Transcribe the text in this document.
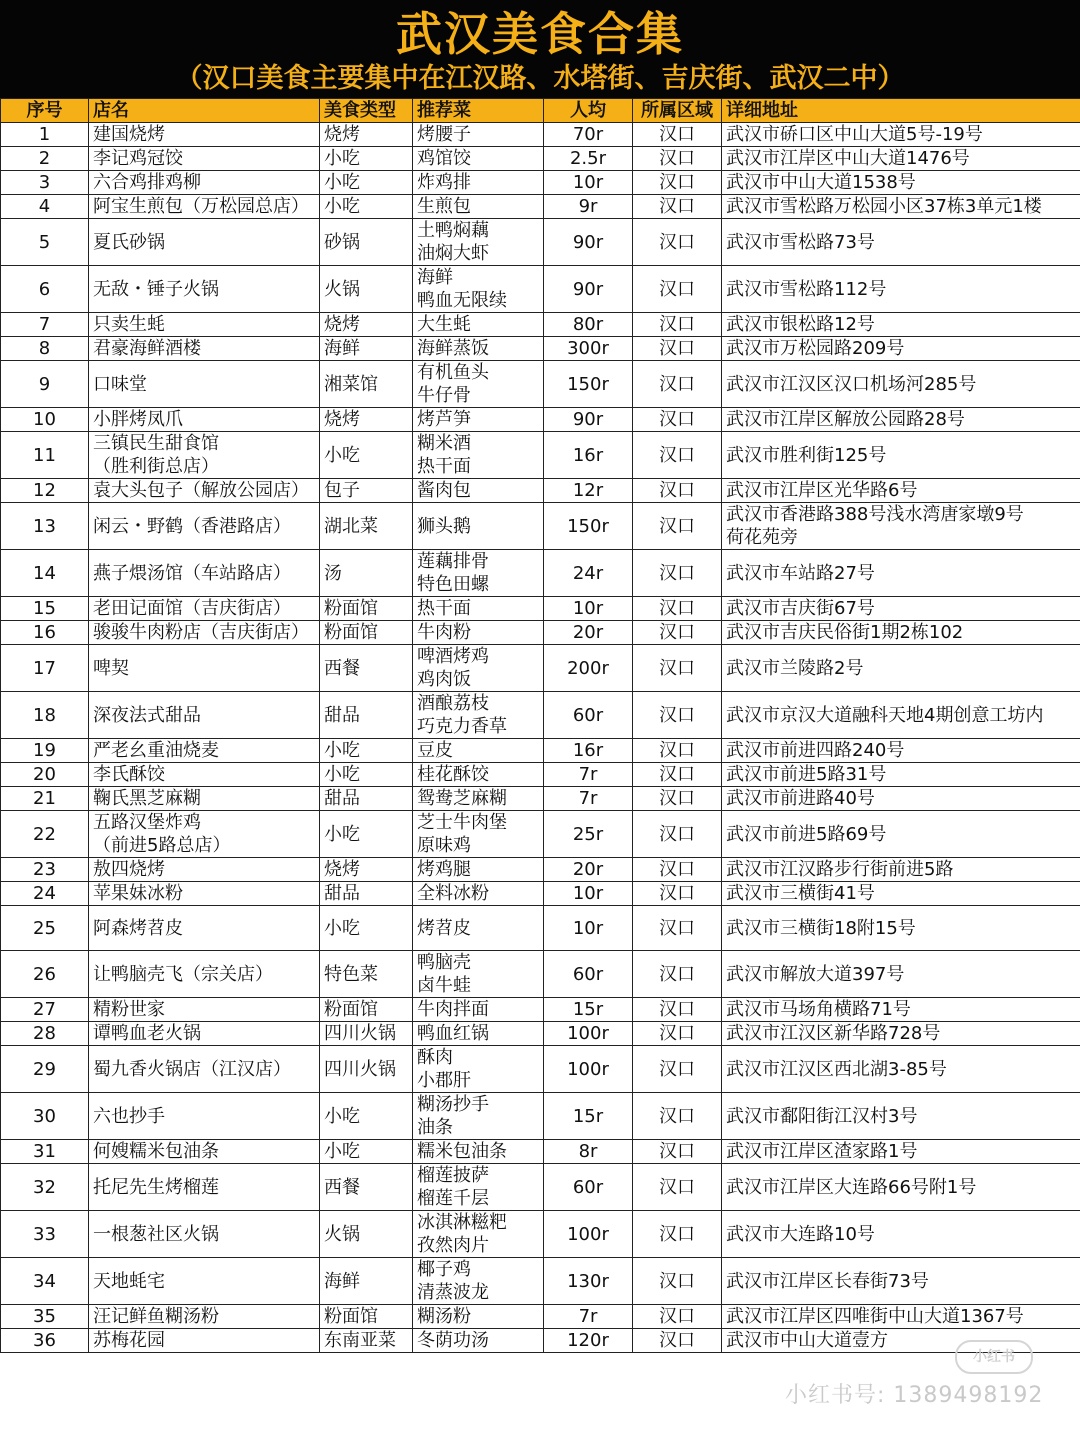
武汉美食合集
（汉口美食主要集中在江汉路、水塔街、吉庆街、武汉二中）
序号	店名	美食类型	推荐菜	人均	所属区域	详细地址
1	建国烧烤	烧烤	烤腰子	70r	汉口	武汉市硚口区中山大道5号-19号

2	李记鸡冠饺	小吃	鸡馆饺	2.5r	汉口	武汉市江岸区中山大道1476号

3	六合鸡排鸡柳	小吃	炸鸡排	10r	汉口	武汉市中山大道1538号

4	阿宝生煎包（万松园总店）	小吃	生煎包	9r	汉口	武汉市雪松路万松园小区37栋3单元1楼

5	夏氏砂锅	砂锅	土鸭焖藕
油焖大虾	90r	汉口	武汉市雪松路73号

6	无敌・锤子火锅	火锅	海鲜
鸭血无限续	90r	汉口	武汉市雪松路112号

7	只卖生蚝	烧烤	大生蚝	80r	汉口	武汉市银松路12号

8	君豪海鲜酒楼	海鲜	海鲜蒸饭	300r	汉口	武汉市万松园路209号

9	口味堂	湘菜馆	有机鱼头
牛仔骨	150r	汉口	武汉市江汉区汉口机场河285号

10	小胖烤凤爪	烧烤	烤芦笋	90r	汉口	武汉市江岸区解放公园路28号

11	三镇民生甜食馆
（胜利街总店）	小吃	糊米酒
热干面	16r	汉口	武汉市胜利街125号

12	袁大头包子（解放公园店）	包子	酱肉包	12r	汉口	武汉市江岸区光华路6号

13	闲云・野鹤（香港路店）	湖北菜	狮头鹅	150r	汉口	武汉市香港路388号浅水湾唐家墩9号
荷花苑旁

14	燕子煨汤馆（车站路店）	汤	莲藕排骨
特色田螺	24r	汉口	武汉市车站路27号

15	老田记面馆（吉庆街店）	粉面馆	热干面	10r	汉口	武汉市吉庆街67号

16	骏骏牛肉粉店（吉庆街店）	粉面馆	牛肉粉	20r	汉口	武汉市吉庆民俗街1期2栋102

17	啤契	西餐	啤酒烤鸡
鸡肉饭	200r	汉口	武汉市兰陵路2号

18	深夜法式甜品	甜品	酒酿荔枝
巧克力香草	60r	汉口	武汉市京汉大道融科天地4期创意工坊内

19	严老幺重油烧麦	小吃	豆皮	16r	汉口	武汉市前进四路240号

20	李氏酥饺	小吃	桂花酥饺	7r	汉口	武汉市前进5路31号

21	鞠氏黑芝麻糊	甜品	鸳鸯芝麻糊	7r	汉口	武汉市前进路40号

22	五路汉堡炸鸡
（前进5路总店）	小吃	芝士牛肉堡
原味鸡	25r	汉口	武汉市前进5路69号

23	敖四烧烤	烧烤	烤鸡腿	20r	汉口	武汉市江汉路步行街前进5路

24	苹果妹冰粉	甜品	全料冰粉	10r	汉口	武汉市三横街41号

25	阿森烤苕皮	小吃	烤苕皮	10r	汉口	武汉市三横街18附15号

26	让鸭脑壳飞（宗关店）	特色菜	鸭脑壳
卤牛蛙	60r	汉口	武汉市解放大道397号

27	精粉世家	粉面馆	牛肉拌面	15r	汉口	武汉市马场角横路71号

28	谭鸭血老火锅	四川火锅	鸭血红锅	100r	汉口	武汉市江汉区新华路728号

29	蜀九香火锅店（江汉店）	四川火锅	酥肉
小郡肝	100r	汉口	武汉市江汉区西北湖3-85号

30	六也抄手	小吃	糊汤抄手
油条	15r	汉口	武汉市鄱阳街江汉村3号

31	何嫂糯米包油条	小吃	糯米包油条	8r	汉口	武汉市江岸区渣家路1号

32	托尼先生烤榴莲	西餐	榴莲披萨
榴莲千层	60r	汉口	武汉市江岸区大连路66号附1号

33	一根葱社区火锅	火锅	冰淇淋糍粑
孜然肉片	100r	汉口	武汉市大连路10号

34	天地蚝宅	海鲜	椰子鸡
清蒸波龙	130r	汉口	武汉市江岸区长春街73号

35	汪记鲜鱼糊汤粉	粉面馆	糊汤粉	7r	汉口	武汉市江岸区四唯街中山大道1367号

36	苏梅花园	东南亚菜	冬荫功汤	120r	汉口	武汉市中山大道壹方
小红书
小红书号: 1389498192
